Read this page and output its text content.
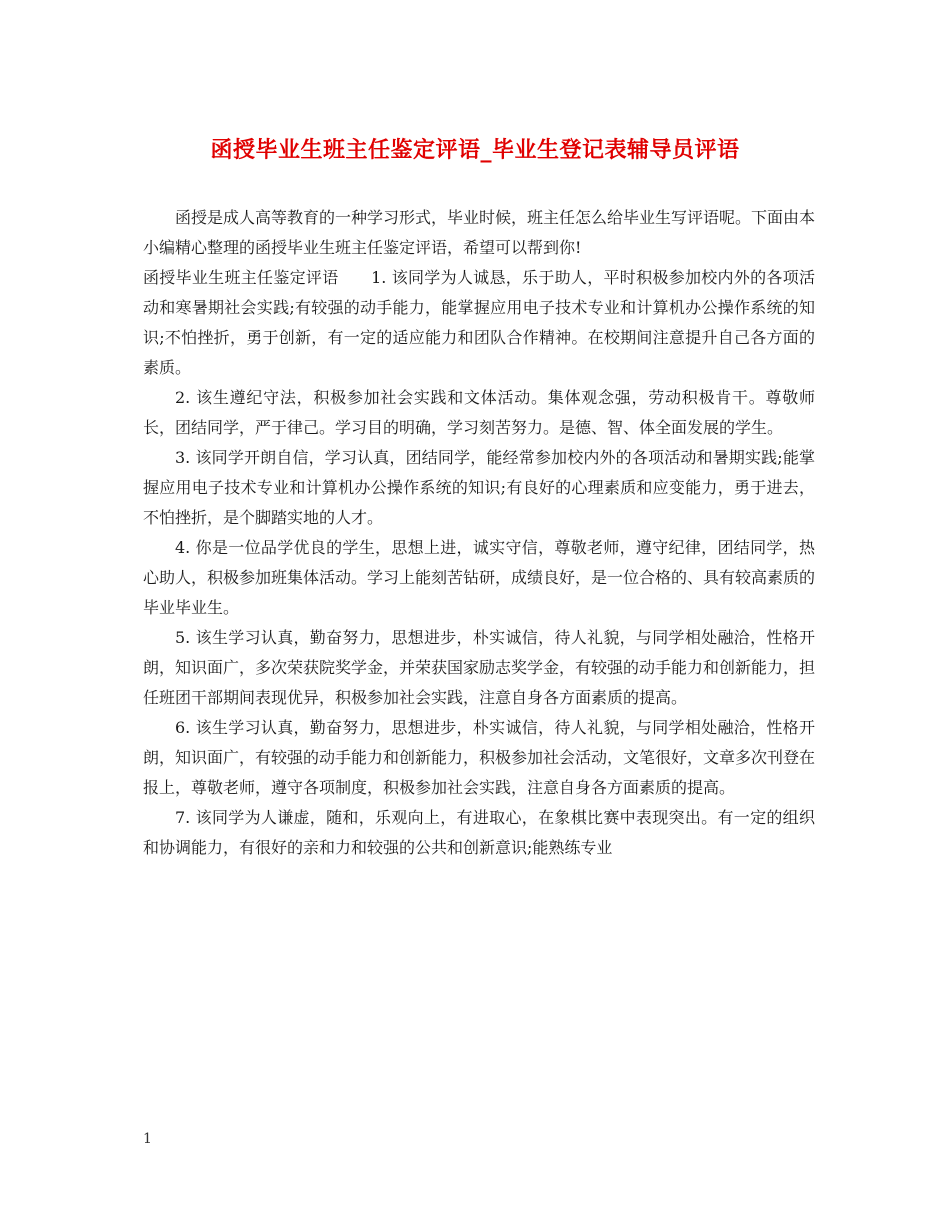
函授毕业生班主任鉴定评语_毕业生登记表辅导员评语

函授是成人高等教育的一种学习形式，毕业时候，班主任怎么给毕业生写评语呢。下面由本小编精心整理的函授毕业生班主任鉴定评语，希望可以帮到你!

函授毕业生班主任鉴定评语　　1. 该同学为人诚恳，乐于助人，平时积极参加校内外的各项活动和寒暑期社会实践;有较强的动手能力，能掌握应用电子技术专业和计算机办公操作系统的知识;不怕挫折，勇于创新，有一定的适应能力和团队合作精神。在校期间注意提升自己各方面的素质。

2. 该生遵纪守法，积极参加社会实践和文体活动。集体观念强，劳动积极肯干。尊敬师长，团结同学，严于律己。学习目的明确，学习刻苦努力。是德、智、体全面发展的学生。

3. 该同学开朗自信，学习认真，团结同学，能经常参加校内外的各项活动和暑期实践;能掌握应用电子技术专业和计算机办公操作系统的知识;有良好的心理素质和应变能力，勇于进去，不怕挫折，是个脚踏实地的人才。

4. 你是一位品学优良的学生，思想上进，诚实守信，尊敬老师，遵守纪律，团结同学，热心助人，积极参加班集体活动。学习上能刻苦钻研，成绩良好，是一位合格的、具有较高素质的毕业毕业生。

5. 该生学习认真，勤奋努力，思想进步，朴实诚信，待人礼貌，与同学相处融洽，性格开朗，知识面广，多次荣获院奖学金，并荣获国家励志奖学金，有较强的动手能力和创新能力，担任班团干部期间表现优异，积极参加社会实践，注意自身各方面素质的提高。

6. 该生学习认真，勤奋努力，思想进步，朴实诚信，待人礼貌，与同学相处融洽，性格开朗，知识面广，有较强的动手能力和创新能力，积极参加社会活动，文笔很好，文章多次刊登在报上，尊敬老师，遵守各项制度，积极参加社会实践，注意自身各方面素质的提高。

7. 该同学为人谦虚，随和，乐观向上，有进取心，在象棋比赛中表现突出。有一定的组织和协调能力，有很好的亲和力和较强的公共和创新意识;能熟练专业

1
